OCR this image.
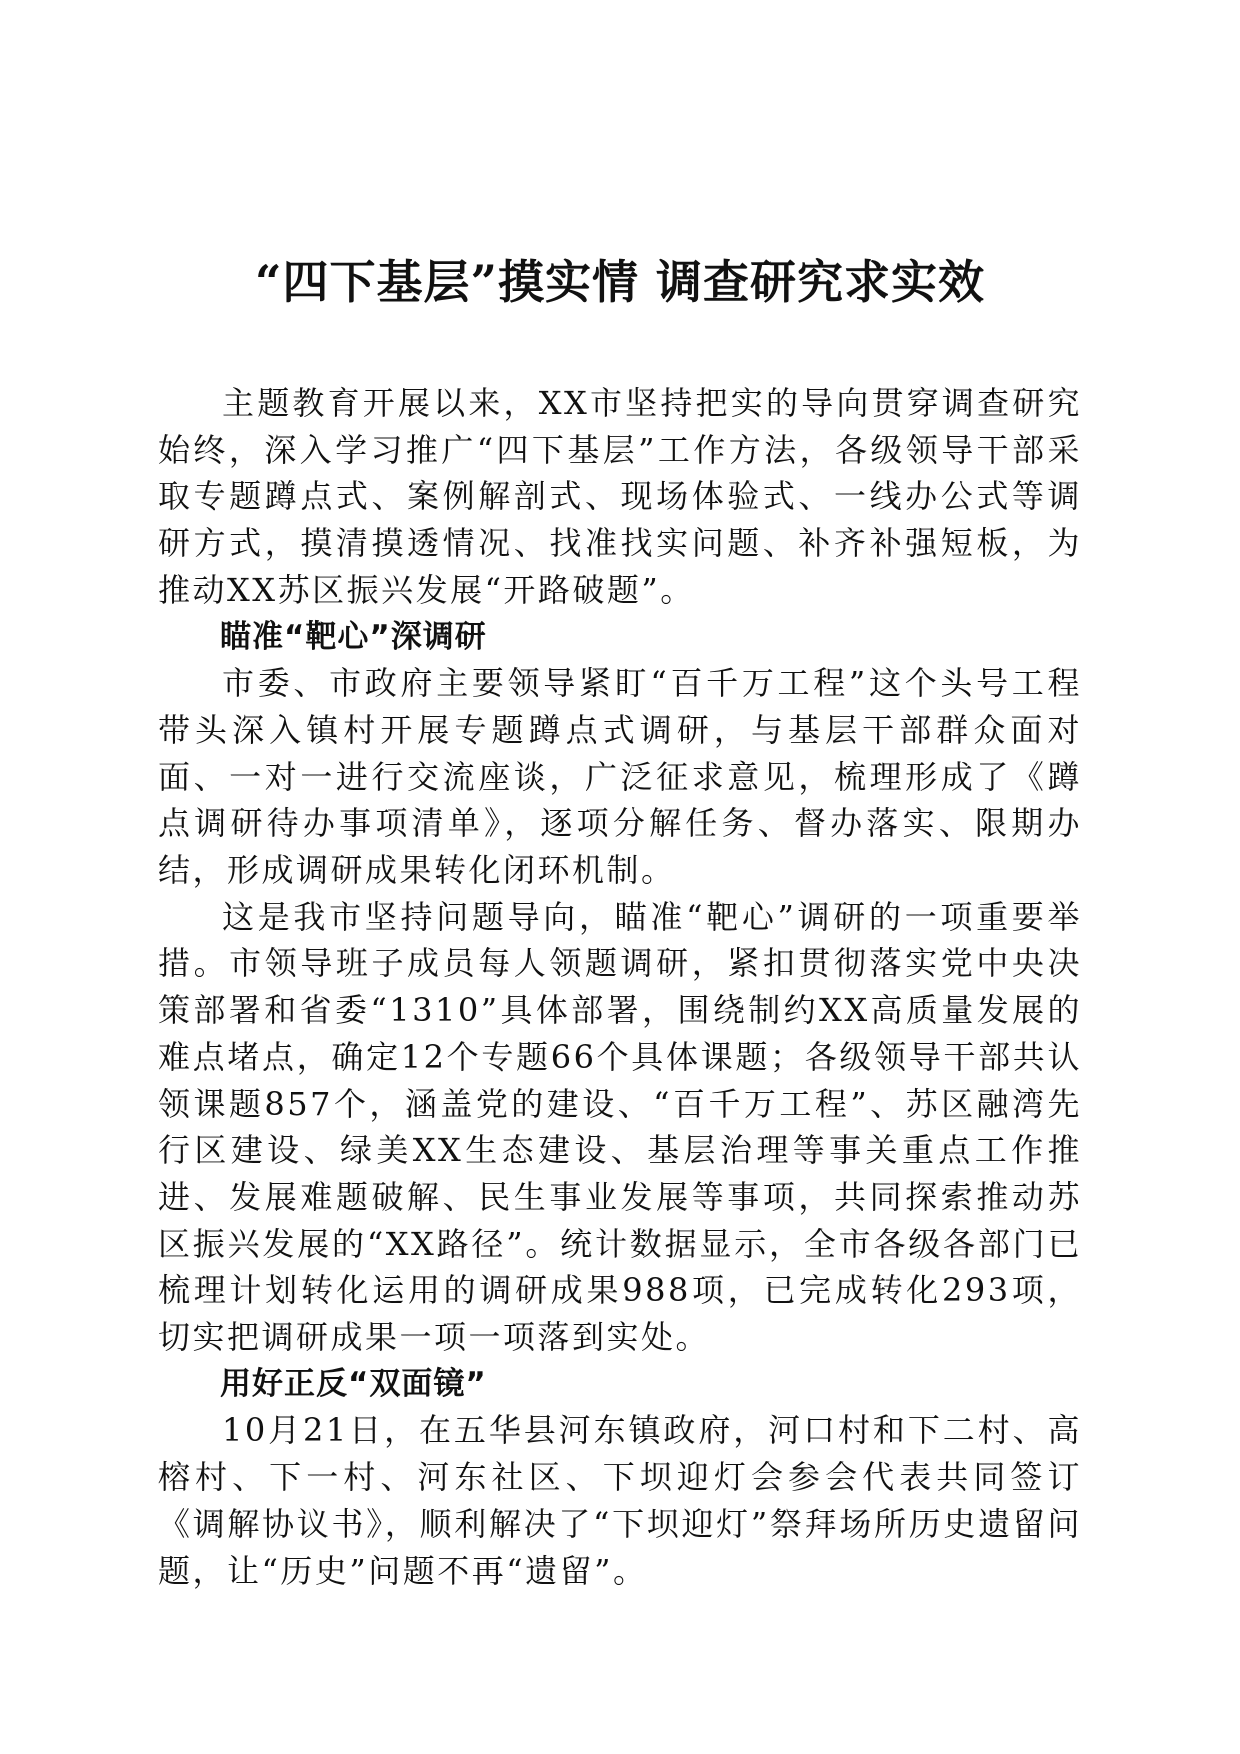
“四下基层”摸实情 调查研究求实效

主题教育开展以来，XX市坚持把实的导向贯穿调查研究始终，深入学习推广“四下基层”工作方法，各级领导干部采取专题蹲点式、案例解剖式、现场体验式、一线办公式等调研方式，摸清摸透情况、找准找实问题、补齐补强短板，为推动XX苏区振兴发展“开路破题”。

瞄准“靶心”深调研

市委、市政府主要领导紧盯“百千万工程”这个头号工程带头深入镇村开展专题蹲点式调研，与基层干部群众面对面、一对一进行交流座谈，广泛征求意见，梳理形成了《蹲点调研待办事项清单》，逐项分解任务、督办落实、限期办结，形成调研成果转化闭环机制。

这是我市坚持问题导向，瞄准“靶心”调研的一项重要举措。市领导班子成员每人领题调研，紧扣贯彻落实党中央决策部署和省委“1310”具体部署，围绕制约XX高质量发展的难点堵点，确定12个专题66个具体课题；各级领导干部共认领课题857个，涵盖党的建设、“百千万工程”、苏区融湾先行区建设、绿美XX生态建设、基层治理等事关重点工作推进、发展难题破解、民生事业发展等事项，共同探索推动苏区振兴发展的“XX路径”。统计数据显示，全市各级各部门已梳理计划转化运用的调研成果988项，已完成转化293项，切实把调研成果一项一项落到实处。

用好正反“双面镜”

10月21日，在五华县河东镇政府，河口村和下二村、高榕村、下一村、河东社区、下坝迎灯会参会代表共同签订《调解协议书》，顺利解决了“下坝迎灯”祭拜场所历史遗留问题，让“历史”问题不再“遗留”。
